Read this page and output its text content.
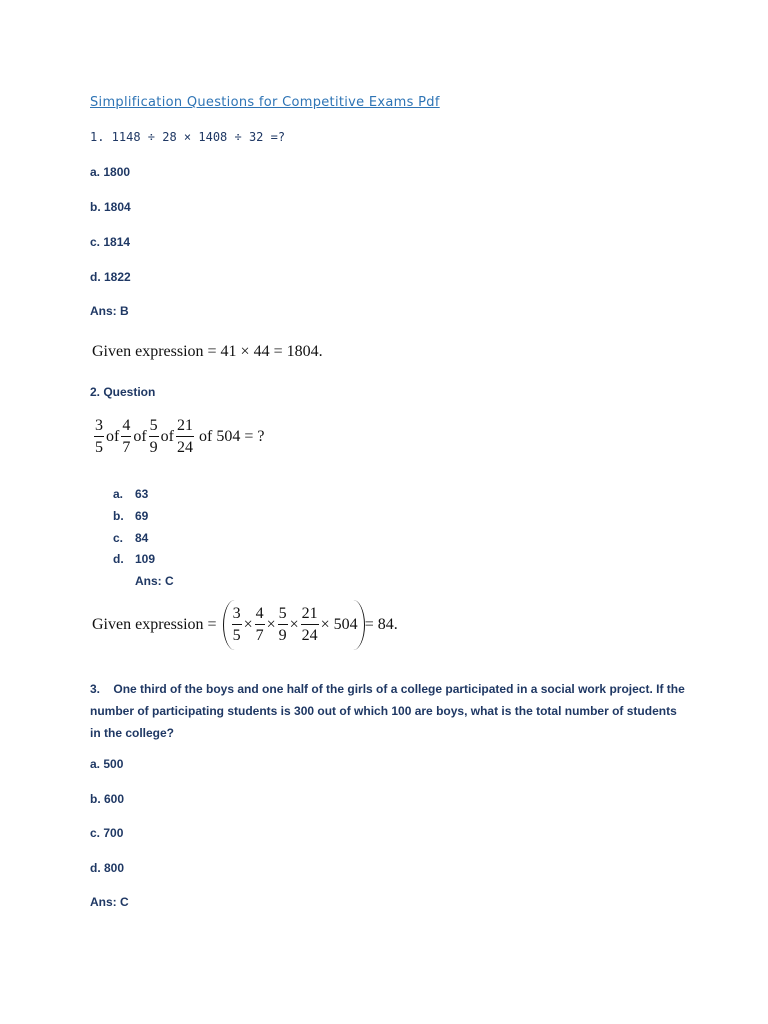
Simplification Questions for Competitive Exams Pdf
1. 1148 ÷ 28 × 1408 ÷ 32 =?
a. 1800
b. 1804
c. 1814
d. 1822
Ans: B
Given expression = 41 × 44 = 1804.
2. Question
$\frac{3}{5}$ of $\frac{4}{7}$ of $\frac{5}{9}$ of $\frac{21}{24}$ of 504 = ?
a. 63
b. 69
c. 84
d. 109
Ans: C
Given expression = $\frac{3}{5} \times \frac{4}{7} \times \frac{5}{9} \times \frac{21}{24} \times 504 = 84$.
3. One third of the boys and one half of the girls of a college participated in a social work project. If the number of participating students is 300 out of which 100 are boys, what is the total number of students in the college?
a. 500
b. 600
c. 700
d. 800
Ans: C
